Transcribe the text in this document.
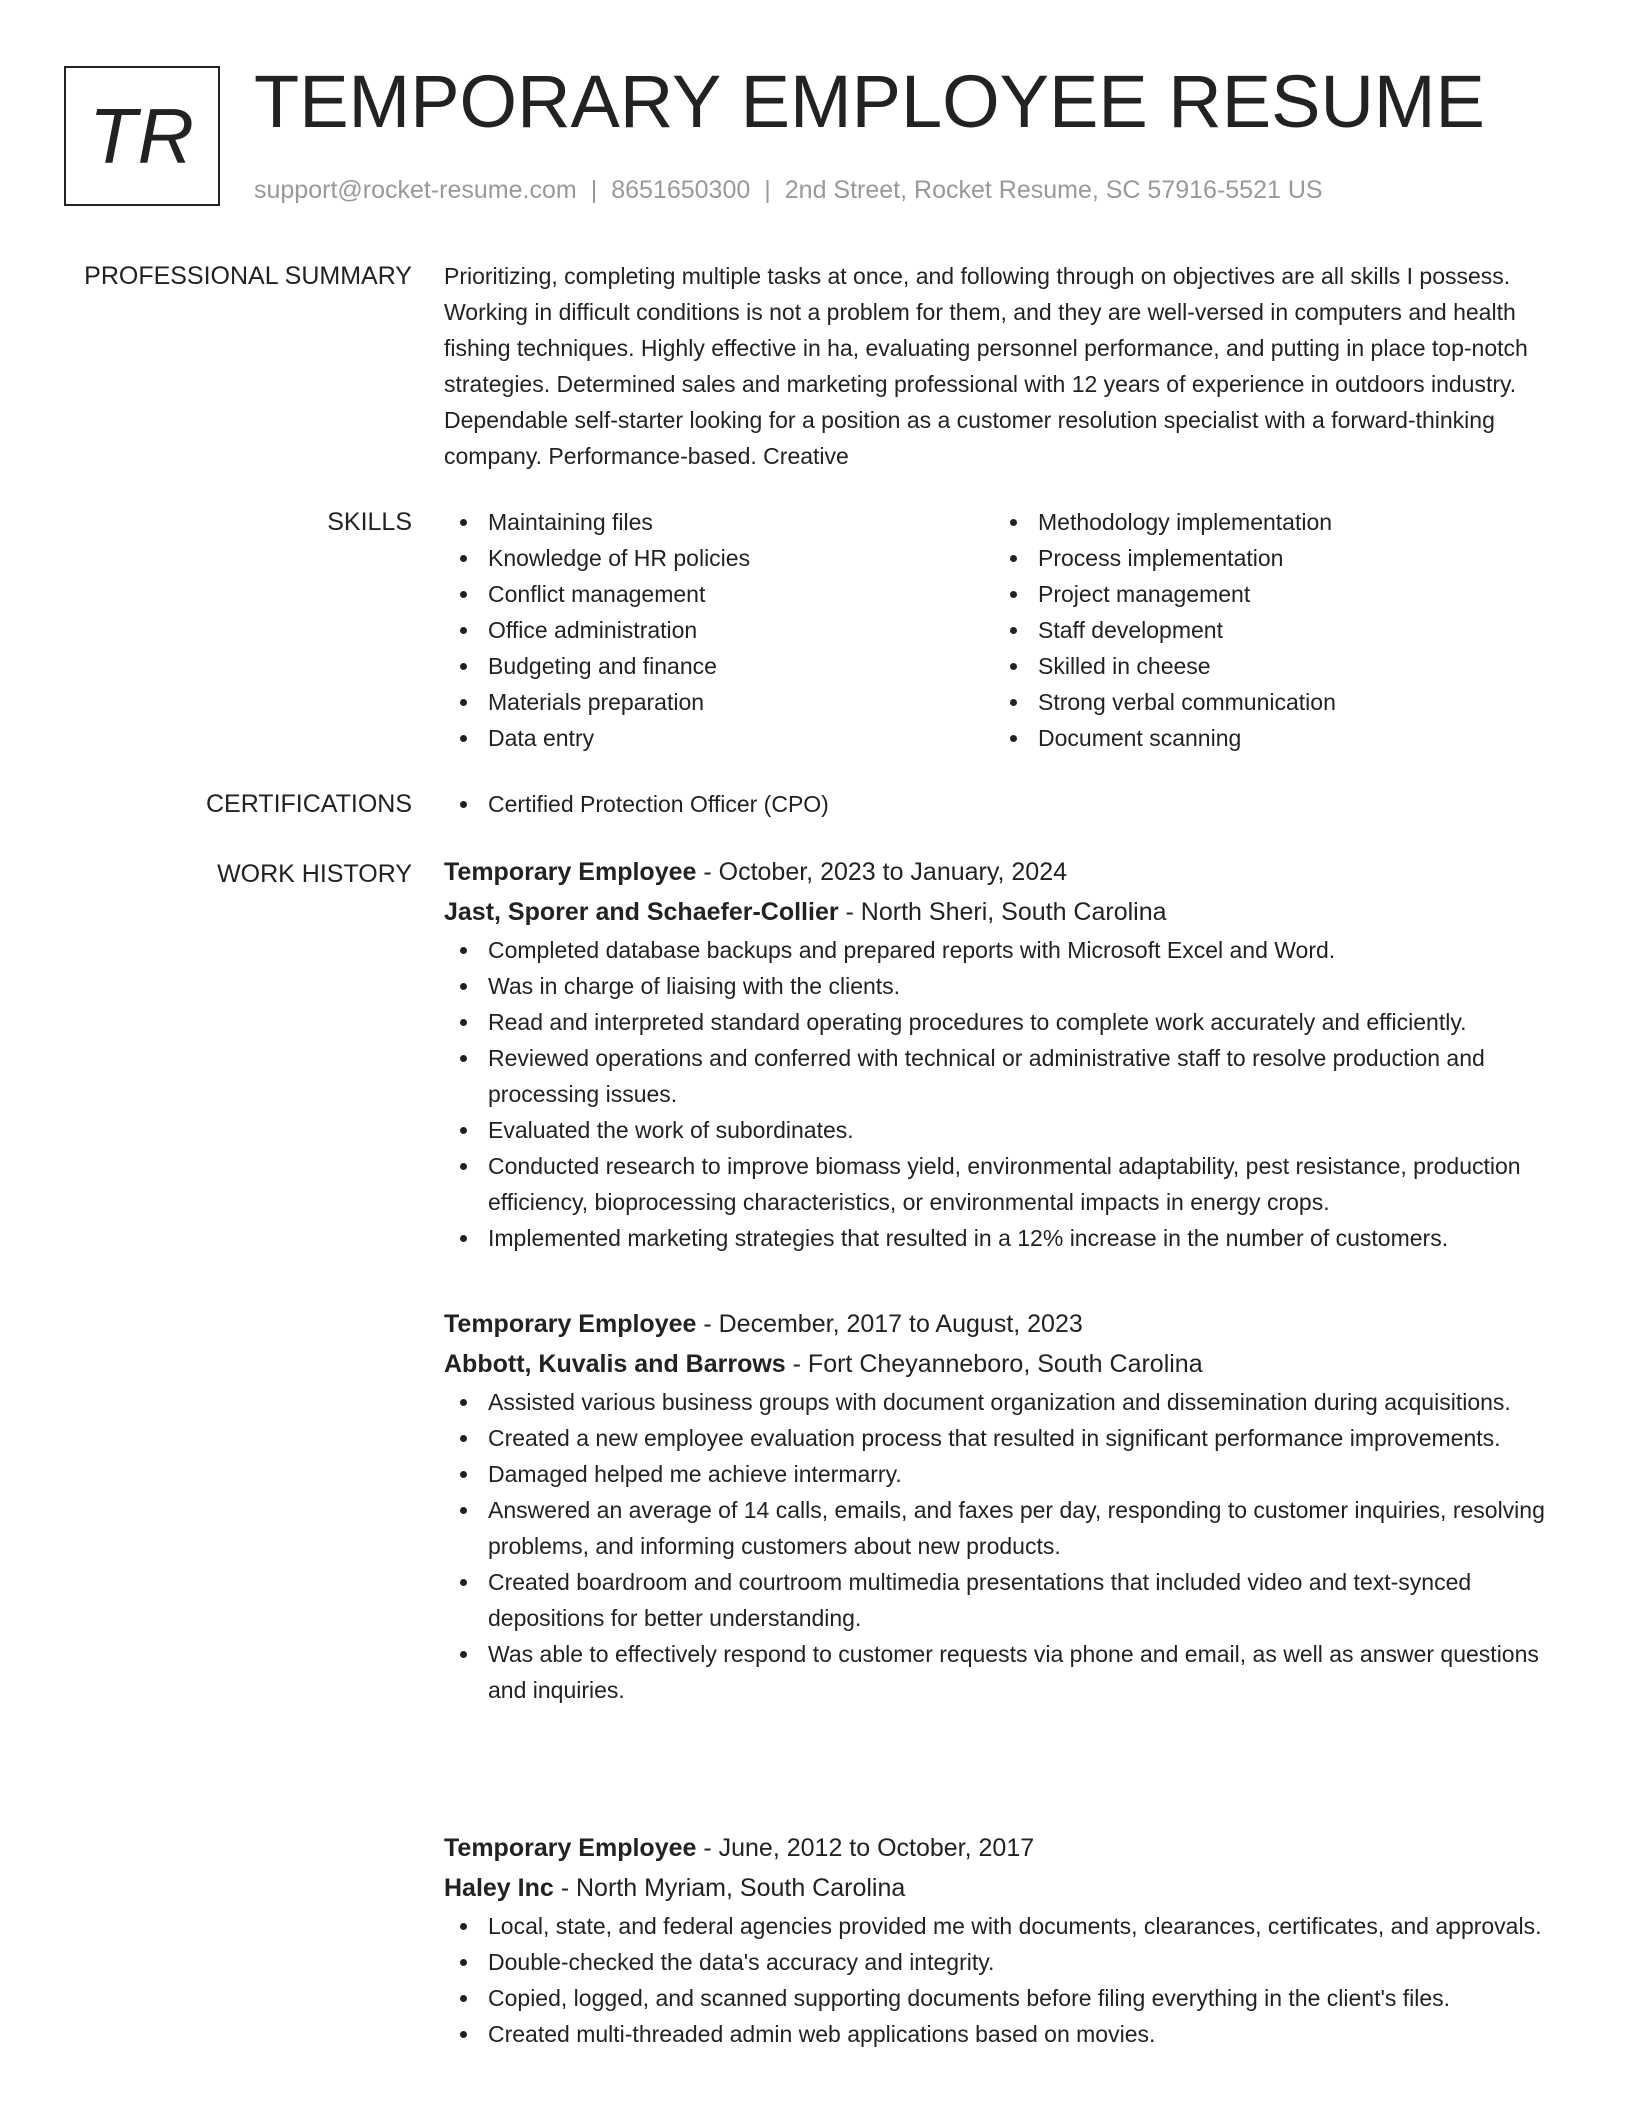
TR TEMPORARY EMPLOYEE RESUME
support@rocket-resume.com | 8651650300 | 2nd Street, Rocket Resume, SC 57916-5521 US
PROFESSIONAL SUMMARY Prioritizing, completing multiple tasks at once, and following through on objectives are all skills I possess. Working in difficult conditions is not a problem for them, and they are well-versed in computers and health fishing techniques. Highly effective in ha, evaluating personnel performance, and putting in place top-notch strategies. Determined sales and marketing professional with 12 years of experience in outdoors industry. Dependable self-starter looking for a position as a customer resolution specialist with a forward-thinking company. Performance-based. Creative

SKILLS	Maintaining files
Knowledge of HR policies
Conflict management
Office administration
Budgeting and finance
Materials preparation
Data entry
Methodology implementation
Process implementation
Project management
Staff development
Skilled in cheese
Strong verbal communication
Document scanning
CERTIFICATIONS	Certified Protection Officer (CPO)
WORK HISTORY Temporary Employee - October, 2023 to January, 2024
Jast, Sporer and Schaefer-Collier - North Sheri, South Carolina
Completed database backups and prepared reports with Microsoft Excel and Word.
Was in charge of liaising with the clients.
Read and interpreted standard operating procedures to complete work accurately and efficiently.
Reviewed operations and conferred with technical or administrative staff to resolve production and processing issues.
Evaluated the work of subordinates.
Conducted research to improve biomass yield, environmental adaptability, pest resistance, production efficiency, bioprocessing characteristics, or environmental impacts in energy crops.
Implemented marketing strategies that resulted in a 12% increase in the number of customers.
Temporary Employee - December, 2017 to August, 2023
Abbott, Kuvalis and Barrows - Fort Cheyanneboro, South Carolina
Assisted various business groups with document organization and dissemination during acquisitions.
Created a new employee evaluation process that resulted in significant performance improvements.
Damaged helped me achieve intermarry.
Answered an average of 14 calls, emails, and faxes per day, responding to customer inquiries, resolving problems, and informing customers about new products.
Created boardroom and courtroom multimedia presentations that included video and text-synced depositions for better understanding.
Was able to effectively respond to customer requests via phone and email, as well as answer questions and inquiries.
Temporary Employee - June, 2012 to October, 2017
Haley Inc - North Myriam, South Carolina
Local, state, and federal agencies provided me with documents, clearances, certificates, and approvals.
Double-checked the data's accuracy and integrity.
Copied, logged, and scanned supporting documents before filing everything in the client's files.
Created multi-threaded admin web applications based on movies.
